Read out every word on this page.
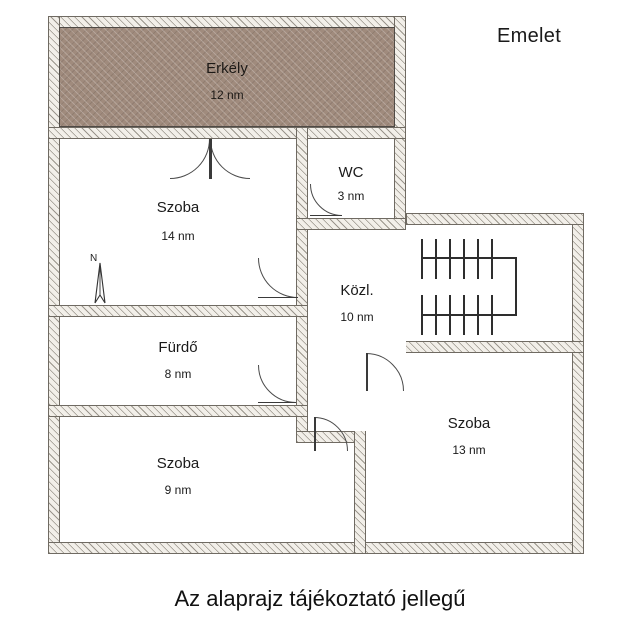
Emelet
Erkély
12 nm
Szoba
14 nm
WC
3 nm
Közl.
10 nm
Fürdő
8 nm
Szoba
9 nm
Szoba
13 nm
N
Az alaprajz tájékoztató jellegű
